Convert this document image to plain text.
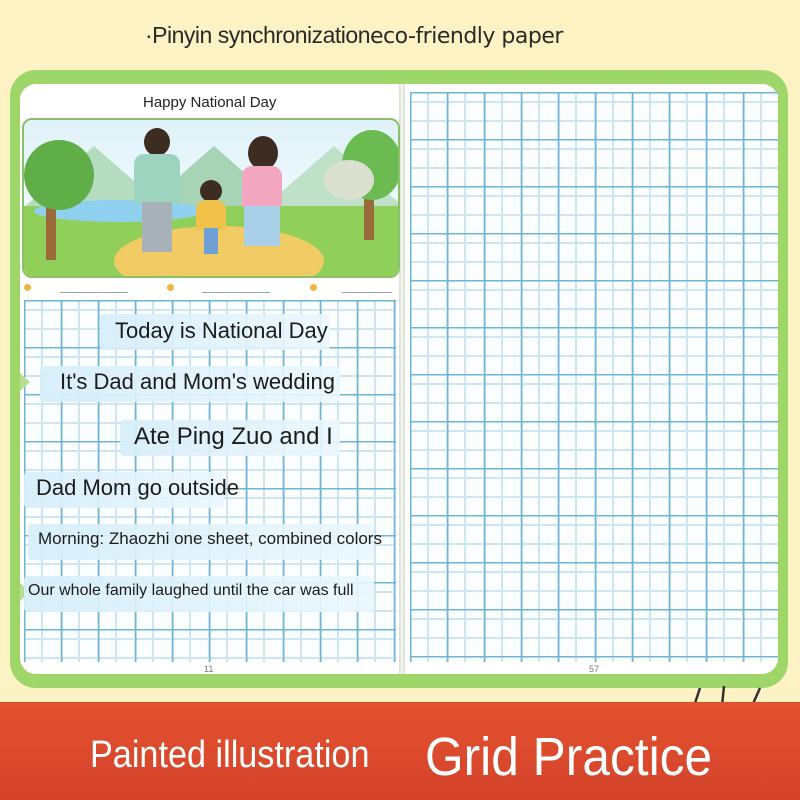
·Pinyin synchronization eco-friendly paper
Happy National Day
Today is National Day
It's Dad and Mom's wedding
Ate Ping Zuo and I
Dad Mom go outside
Morning: Zhaozhi one sheet, combined colors
Our whole family laughed until the car was full
11	57
Painted illustration Grid Practice
